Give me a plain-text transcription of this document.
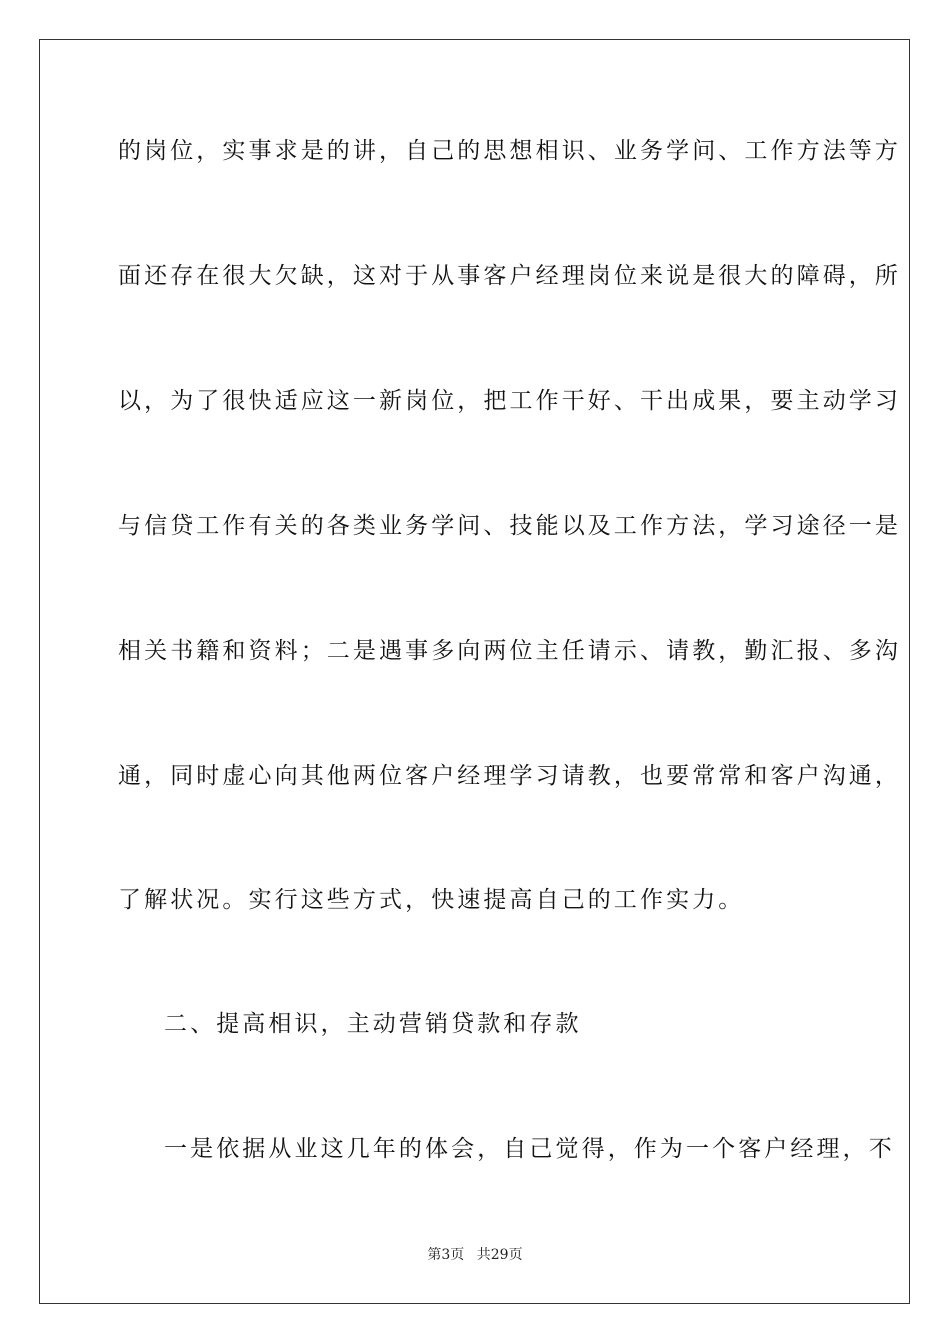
的岗位，实事求是的讲，自己的思想相识、业务学问、工作方法等方
面还存在很大欠缺，这对于从事客户经理岗位来说是很大的障碍，所
以，为了很快适应这一新岗位，把工作干好、干出成果，要主动学习
与信贷工作有关的各类业务学问、技能以及工作方法，学习途径一是
相关书籍和资料；二是遇事多向两位主任请示、请教，勤汇报、多沟
通，同时虚心向其他两位客户经理学习请教，也要常常和客户沟通，
了解状况。实行这些方式，快速提高自己的工作实力。
二、提高相识，主动营销贷款和存款
一是依据从业这几年的体会，自己觉得，作为一个客户经理，不
第3页 共29页
